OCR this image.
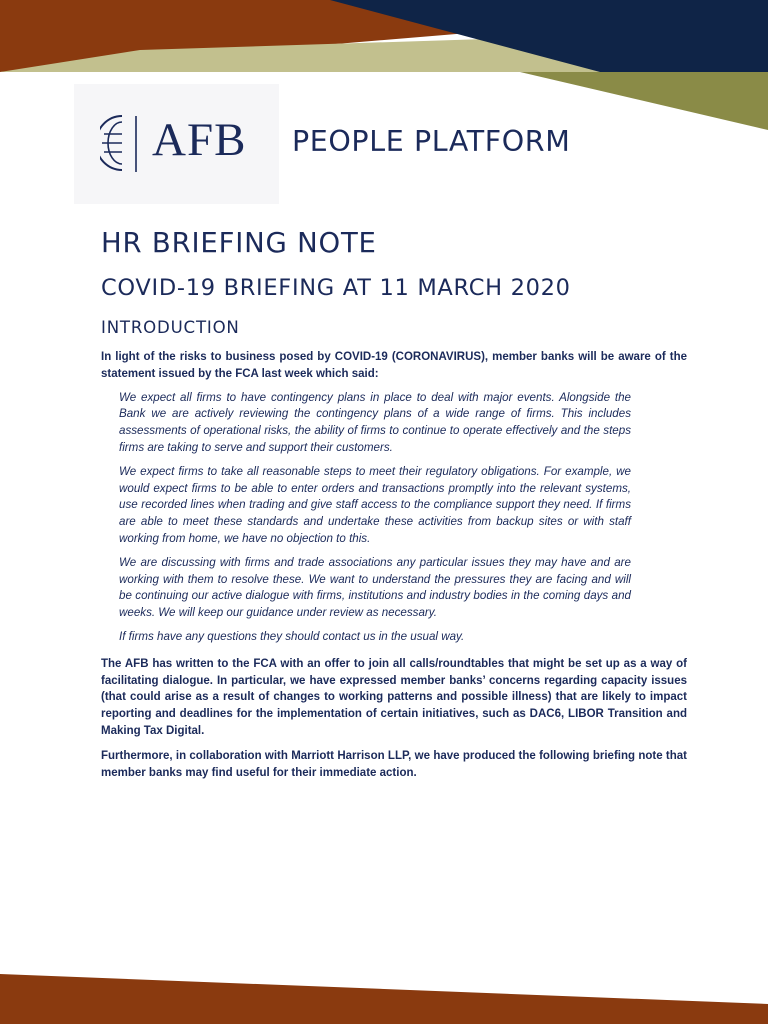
AFB PEOPLE PLATFORM
HR BRIEFING NOTE
COVID-19 BRIEFING AT 11 MARCH 2020
INTRODUCTION

In light of the risks to business posed by COVID-19 (CORONAVIRUS), member banks will be aware of the statement issued by the FCA last week which said:

We expect all firms to have contingency plans in place to deal with major events. Alongside the Bank we are actively reviewing the contingency plans of a wide range of firms. This includes assessments of operational risks, the ability of firms to continue to operate effectively and the steps firms are taking to serve and support their customers.

We expect firms to take all reasonable steps to meet their regulatory obligations. For example, we would expect firms to be able to enter orders and transactions promptly into the relevant systems, use recorded lines when trading and give staff access to the compliance support they need. If firms are able to meet these standards and undertake these activities from backup sites or with staff working from home, we have no objection to this.

We are discussing with firms and trade associations any particular issues they may have and are working with them to resolve these. We want to understand the pressures they are facing and will be continuing our active dialogue with firms, institutions and industry bodies in the coming days and weeks. We will keep our guidance under review as necessary.

If firms have any questions they should contact us in the usual way.

The AFB has written to the FCA with an offer to join all calls/roundtables that might be set up as a way of facilitating dialogue. In particular, we have expressed member banks’ concerns regarding capacity issues (that could arise as a result of changes to working patterns and possible illness) that are likely to impact reporting and deadlines for the implementation of certain initiatives, such as DAC6, LIBOR Transition and Making Tax Digital.

Furthermore, in collaboration with Marriott Harrison LLP, we have produced the following briefing note that member banks may find useful for their immediate action.
